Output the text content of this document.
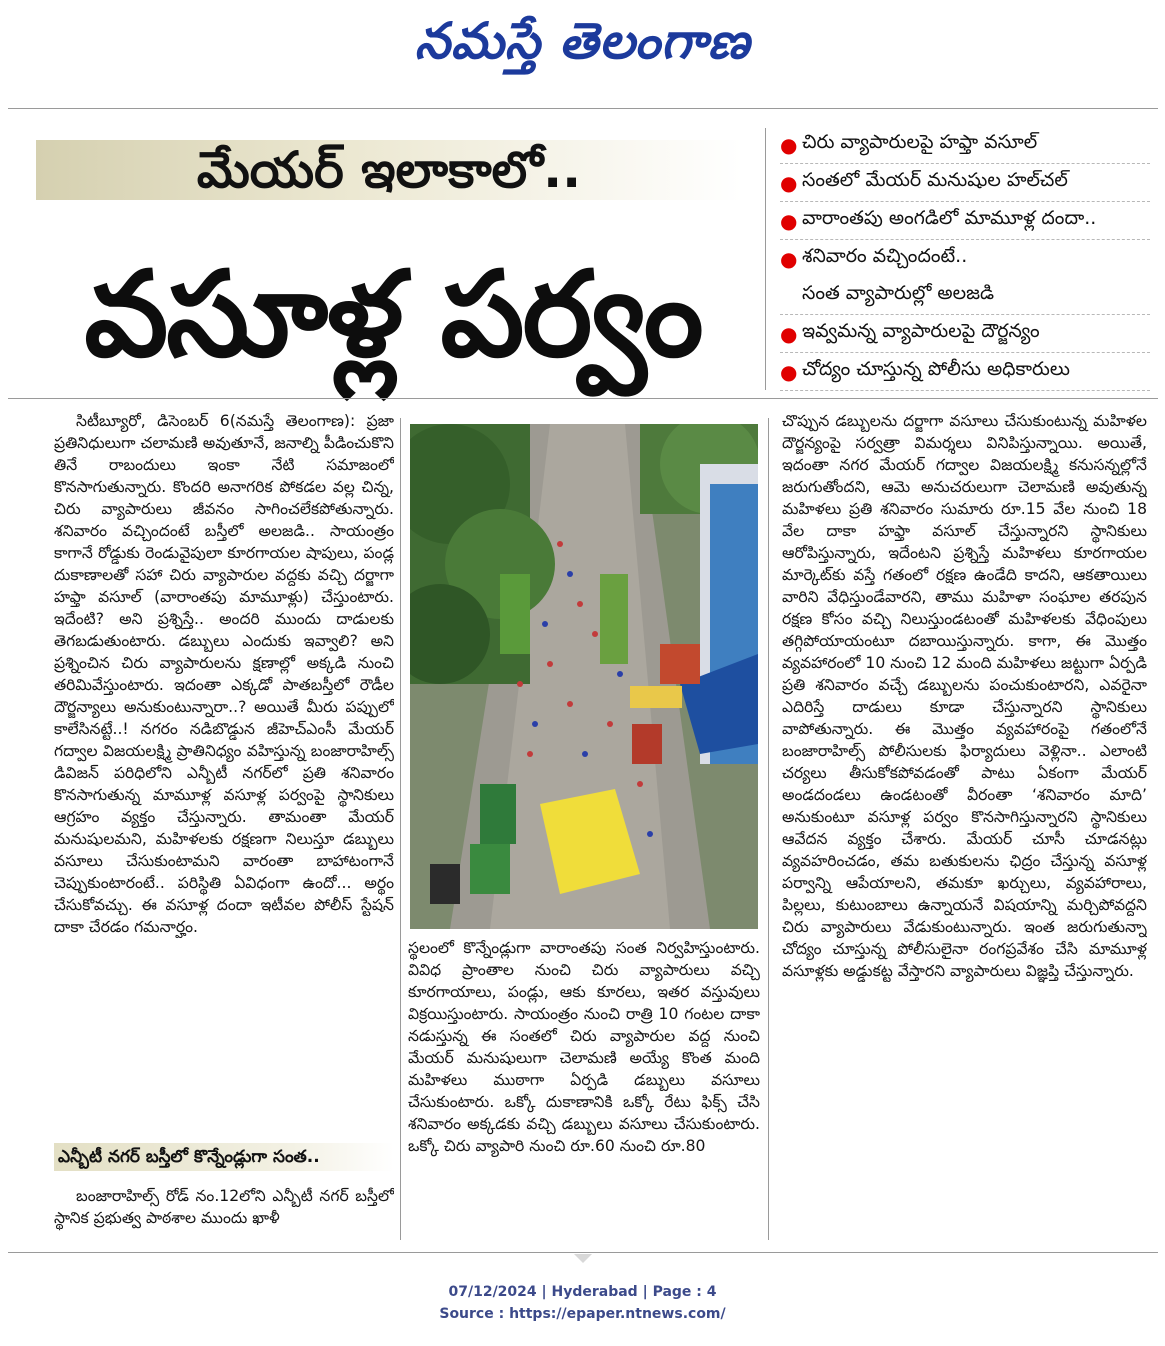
నమస్తే తెలంగాణ
మేయర్ ఇలాకాలో..
వసూళ్ల పర్వం
● చిరు వ్యాపారులపై హఫ్తా వసూల్
● సంతలో మేయర్ మనుషుల హల్‌చల్
● వారాంతపు అంగడిలో మామూళ్ల దందా..
● శనివారం వచ్చిందంటే..
సంత వ్యాపారుల్లో అలజడి
● ఇవ్వమన్న వ్యాపారులపై దౌర్జన్యం
● చోద్యం చూస్తున్న పోలీసు అధికారులు

సిటీబ్యూరో, డిసెంబర్ 6(నమస్తే తెలంగాణ): ప్రజా ప్రతినిధులుగా చలామణి అవుతూనే, జనాల్ని పీడించుకొని తినే రాబందులు ఇంకా నేటి సమాజంలో కొనసాగుతున్నారు. కొందరి అనాగరిక పోకడల వల్ల చిన్న, చిరు వ్యాపారులు జీవనం సాగించలేకపోతున్నారు. శనివారం వచ్చిందంటే బస్తీలో అలజడి.. సాయంత్రం కాగానే రోడ్డుకు రెండువైపులా కూరగాయల షాపులు, పండ్ల దుకాణాలతో సహా చిరు వ్యాపారుల వద్దకు వచ్చి దర్జాగా హఫ్తా వసూల్ (వారాంతపు మామూళ్లు) చేస్తుంటారు. ఇదేంటి? అని ప్రశ్నిస్తే.. అందరి ముందు దాడులకు తెగబడుతుంటారు. డబ్బులు ఎందుకు ఇవ్వాలి? అని ప్రశ్నించిన చిరు వ్యాపారులను క్షణాల్లో అక్కడి నుంచి తరిమివేస్తుంటారు. ఇదంతా ఎక్కడో పాతబస్తీలో రౌడీల దౌర్జన్యాలు అనుకుంటున్నారా..? అయితే మీరు పప్పులో కాలేసినట్టే..! నగరం నడిబొడ్డున జీహెచ్ఎంసీ మేయర్ గద్వాల విజయలక్ష్మి ప్రాతినిధ్యం వహిస్తున్న బంజారాహిల్స్ డివిజన్ పరిధిలోని ఎన్బీటీ నగర్‌లో ప్రతి శనివారం కొనసాగుతున్న మామూళ్ల వసూళ్ల పర్వంపై స్థానికులు ఆగ్రహం వ్యక్తం చేస్తున్నారు. తామంతా మేయర్ మనుషులమని, మహిళలకు రక్షణగా నిలుస్తూ డబ్బులు వసూలు చేసుకుంటామని వారంతా బాహాటంగానే చెప్పుకుంటారంటే.. పరిస్థితి ఏవిధంగా ఉందో... అర్థం చేసుకోవచ్చు. ఈ వసూళ్ల దందా ఇటీవల పోలీస్ స్టేషన్ దాకా చేరడం గమనార్హం.

ఎన్బీటీ నగర్ బస్తీలో కొన్నేండ్లుగా సంత..

బంజారాహిల్స్ రోడ్ నం.12లోని ఎన్బీటీ నగర్ బస్తీలో స్థానిక ప్రభుత్వ పాఠశాల ముందు ఖాళీ

స్థలంలో కొన్నేండ్లుగా వారాంతపు సంత నిర్వహిస్తుంటారు. వివిధ ప్రాంతాల నుంచి చిరు వ్యాపారులు వచ్చి కూరగాయాలు, పండ్లు, ఆకు కూరలు, ఇతర వస్తువులు విక్రయిస్తుంటారు. సాయంత్రం నుంచి రాత్రి 10 గంటల దాకా నడుస్తున్న ఈ సంతలో చిరు వ్యాపారుల వద్ద నుంచి మేయర్ మనుషులుగా చెలామణి అయ్యే కొంత మంది మహిళలు ముఠాగా ఏర్పడి డబ్బులు వసూలు చేసుకుంటారు. ఒక్కో దుకాణానికి ఒక్కో రేటు ఫిక్స్ చేసి శనివారం అక్కడకు వచ్చి డబ్బులు వసూలు చేసుకుంటారు. ఒక్కో చిరు వ్యాపారి నుంచి రూ.60 నుంచి రూ.80

చొప్పున డబ్బులను దర్జాగా వసూలు చేసుకుంటున్న మహిళల దౌర్జన్యంపై సర్వత్రా విమర్శలు వినిపిస్తున్నాయి. అయితే, ఇదంతా నగర మేయర్ గద్వాల విజయలక్ష్మి కనుసన్నల్లోనే జరుగుతోందని, ఆమె అనుచరులుగా చెలామణి అవుతున్న మహిళలు ప్రతి శనివారం సుమారు రూ.15 వేల నుంచి 18 వేల దాకా హఫ్తా వసూల్ చేస్తున్నారని స్థానికులు ఆరోపిస్తున్నారు, ఇదేంటని ప్రశ్నిస్తే మహిళలు కూరగాయల మార్కెట్‌కు వస్తే గతంలో రక్షణ ఉండేది కాదని, ఆకతాయిలు వారిని వేధిస్తుండేవారని, తాము మహిళా సంఘాల తరపున రక్షణ కోసం వచ్చి నిలుస్తుండటంతో మహిళలకు వేధింపులు తగ్గిపోయాయంటూ దబాయిస్తున్నారు. కాగా, ఈ మొత్తం వ్యవహారంలో 10 నుంచి 12 మంది మహిళలు జట్టుగా ఏర్పడి ప్రతి శనివారం వచ్చే డబ్బులను పంచుకుంటారని, ఎవరైనా ఎదిరిస్తే దాడులు కూడా చేస్తున్నారని స్థానికులు వాపోతున్నారు. ఈ మొత్తం వ్యవహారంపై గతంలోనే బంజారాహిల్స్ పోలీసులకు ఫిర్యాదులు వెళ్లినా.. ఎలాంటి చర్యలు తీసుకోకపోవడంతో పాటు ఏకంగా మేయర్ అండదండలు ఉండటంతో వీరంతా ‘శనివారం మాది’ అనుకుంటూ వసూళ్ల పర్వం కొనసాగిస్తున్నారని స్థానికులు ఆవేదన వ్యక్తం చేశారు. మేయర్ చూసీ చూడనట్లు వ్యవహరించడం, తమ బతుకులను ఛిద్రం చేస్తున్న వసూళ్ల పర్వాన్ని ఆపేయాలని, తమకూ ఖర్చులు, వ్యవహారాలు, పిల్లలు, కుటుంబాలు ఉన్నాయనే విషయాన్ని మర్చిపోవద్దని చిరు వ్యాపారులు వేడుకుంటున్నారు. ఇంత జరుగుతున్నా చోద్యం చూస్తున్న పోలీసులైనా రంగప్రవేశం చేసి మామూళ్ల వసూళ్లకు అడ్డుకట్ట వేస్తారని వ్యాపారులు విజ్ఞప్తి చేస్తున్నారు.

07/12/2024 | Hyderabad | Page : 4
Source : https://epaper.ntnews.com/
